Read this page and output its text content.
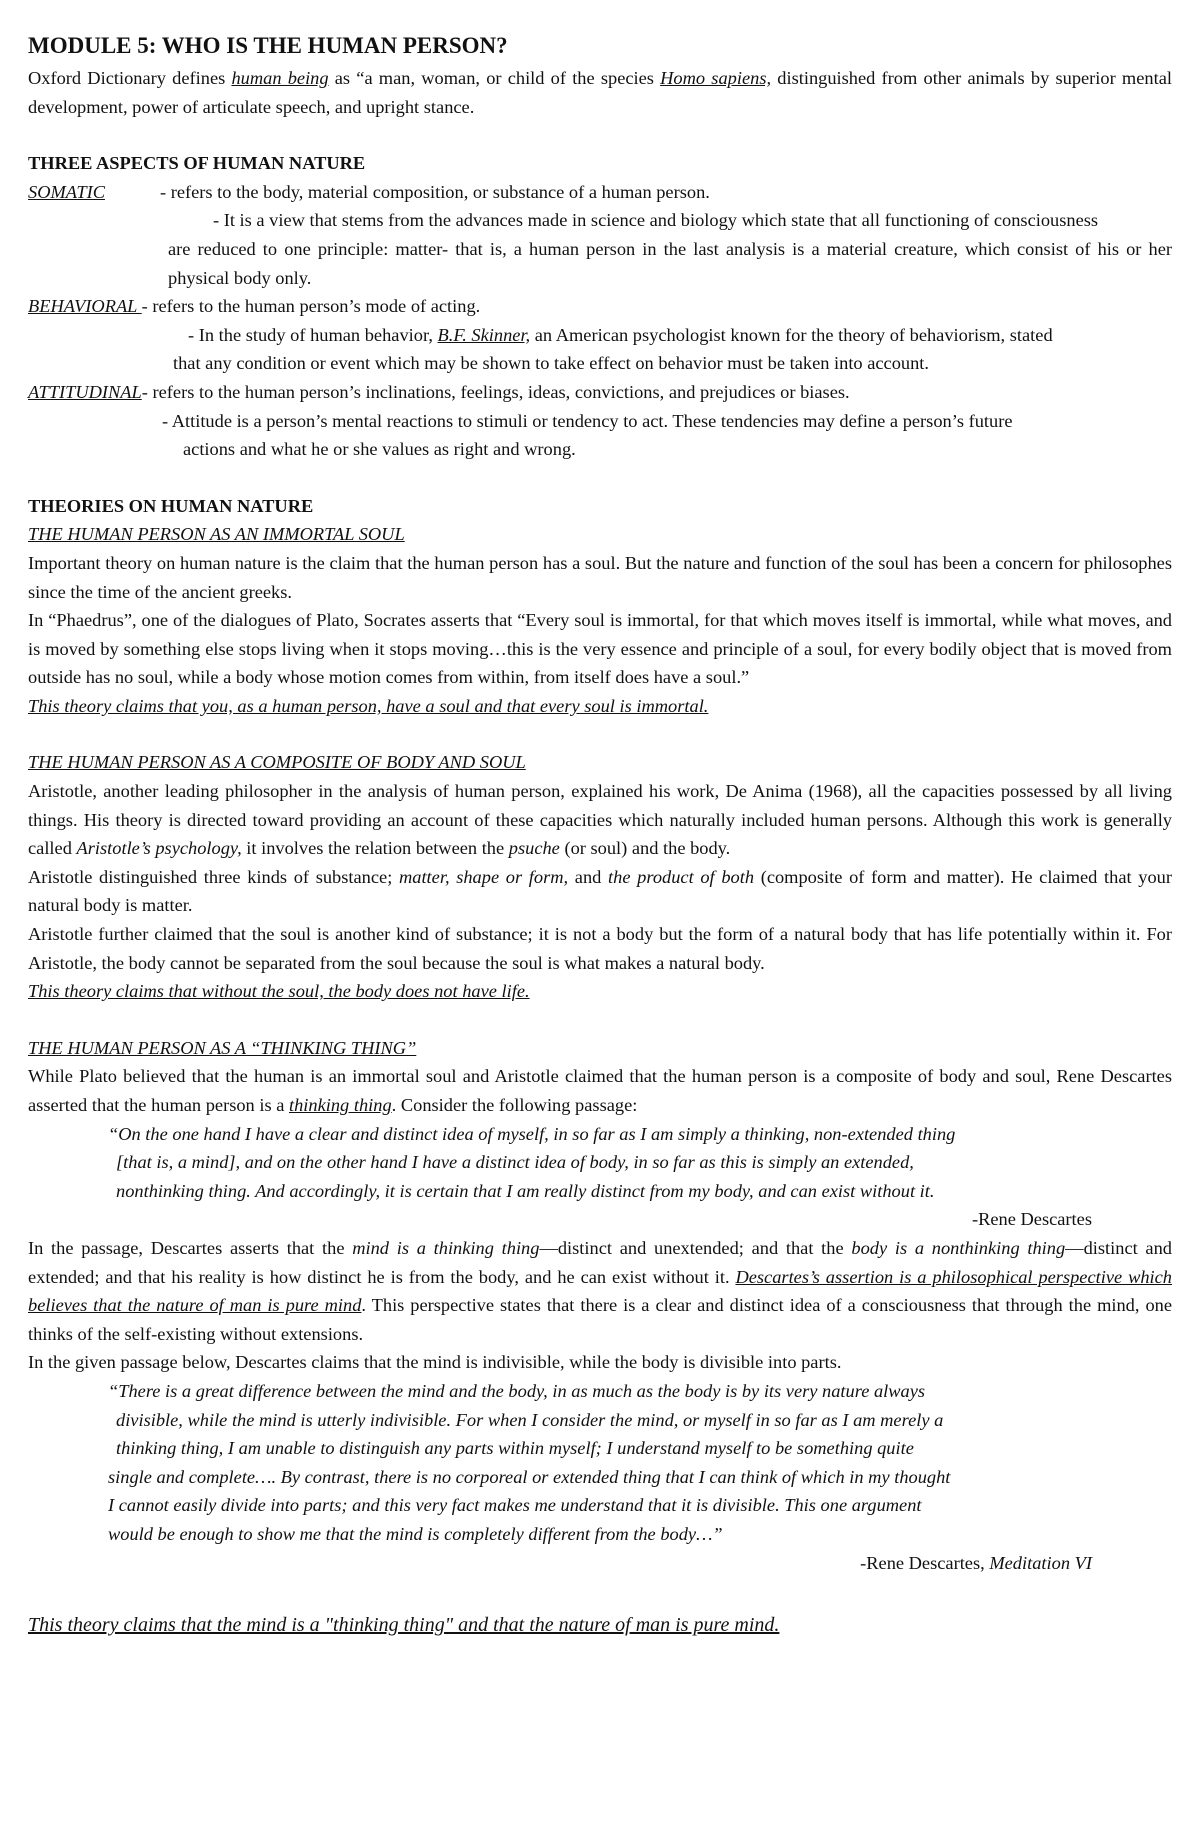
MODULE 5: WHO IS THE HUMAN PERSON?

Oxford Dictionary defines human being as “a man, woman, or child of the species Homo sapiens, distinguished from other animals by superior mental development, power of articulate speech, and upright stance.

THREE ASPECTS OF HUMAN NATURE

SOMATIC	- refers to the body, material composition, or substance of a human person.

- It is a view that stems from the advances made in science and biology which state that all functioning of consciousness

are reduced to one principle: matter- that is, a human person in the last analysis is a material creature, which consist of his or her physical body only.

BEHAVIORAL - refers to the human person’s mode of acting.

- In the study of human behavior, B.F. Skinner, an American psychologist known for the theory of behaviorism, stated

that any condition or event which may be shown to take effect on behavior must be taken into account.

ATTITUDINAL- refers to the human person’s inclinations, feelings, ideas, convictions, and prejudices or biases.

- Attitude is a person’s mental reactions to stimuli or tendency to act. These tendencies may define a person’s future

actions and what he or she values as right and wrong.

THEORIES ON HUMAN NATURE

THE HUMAN PERSON AS AN IMMORTAL SOUL

Important theory on human nature is the claim that the human person has a soul. But the nature and function of the soul has been a concern for philosophes since the time of the ancient greeks.

In “Phaedrus”, one of the dialogues of Plato, Socrates asserts that “Every soul is immortal, for that which moves itself is immortal, while what moves, and is moved by something else stops living when it stops moving…this is the very essence and principle of a soul, for every bodily object that is moved from outside has no soul, while a body whose motion comes from within, from itself does have a soul.”

This theory claims that you, as a human person, have a soul and that every soul is immortal.

THE HUMAN PERSON AS A COMPOSITE OF BODY AND SOUL

Aristotle, another leading philosopher in the analysis of human person, explained his work, De Anima (1968), all the capacities possessed by all living things. His theory is directed toward providing an account of these capacities which naturally included human persons. Although this work is generally called Aristotle’s psychology, it involves the relation between the psuche (or soul) and the body.

Aristotle distinguished three kinds of substance; matter, shape or form, and the product of both (composite of form and matter). He claimed that your natural body is matter.

Aristotle further claimed that the soul is another kind of substance; it is not a body but the form of a natural body that has life potentially within it. For Aristotle, the body cannot be separated from the soul because the soul is what makes a natural body.

This theory claims that without the soul, the body does not have life.

THE HUMAN PERSON AS A “THINKING THING”

While Plato believed that the human is an immortal soul and Aristotle claimed that the human person is a composite of body and soul, Rene Descartes asserted that the human person is a thinking thing. Consider the following passage:

“On the one hand I have a clear and distinct idea of myself, in so far as I am simply a thinking, non-extended thing

[that is, a mind], and on the other hand I have a distinct idea of body, in so far as this is simply an extended,

nonthinking thing. And accordingly, it is certain that I am really distinct from my body, and can exist without it.

-Rene Descartes

In the passage, Descartes asserts that the mind is a thinking thing—distinct and unextended; and that the body is a nonthinking thing—distinct and extended; and that his reality is how distinct he is from the body, and he can exist without it. Descartes’s assertion is a philosophical perspective which believes that the nature of man is pure mind. This perspective states that there is a clear and distinct idea of a consciousness that through the mind, one thinks of the self-existing without extensions.

In the given passage below, Descartes claims that the mind is indivisible, while the body is divisible into parts.

“There is a great difference between the mind and the body, in as much as the body is by its very nature always

divisible, while the mind is utterly indivisible. For when I consider the mind, or myself in so far as I am merely a

thinking thing, I am unable to distinguish any parts within myself; I understand myself to be something quite

single and complete…. By contrast, there is no corporeal or extended thing that I can think of which in my thought

I cannot easily divide into parts; and this very fact makes me understand that it is divisible. This one argument

would be enough to show me that the mind is completely different from the body…”

-Rene Descartes, Meditation VI

This theory claims that the mind is a "thinking thing" and that the nature of man is pure mind.
